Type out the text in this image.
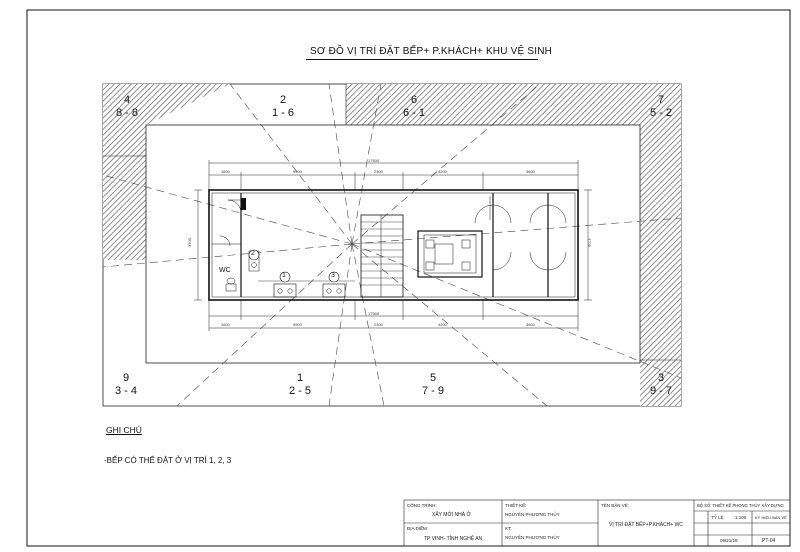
SƠ ĐỒ VỊ TRÍ ĐẶT BẾP+ P.KHÁCH+ KHU VỆ SINH
4
8 - 8
2
1 - 6
6
6 - 1
7
5 - 2
9
3 - 4
1
2 - 5
5
7 - 9
3
9 - 7
WC
1
2
3
17500
17500
1600	5900	2300	4200	3600
1600	5900	2300	4200	3600
3700	3700
GHI CHÚ
-BẾP CÓ THỂ ĐẶT Ở VỊ TRÍ 1, 2, 3
CÔNG TRÌNH:
XÂY MỚI NHÀ Ở
ĐỊA ĐIỂM:
TP VINH- TỈNH NGHỆ AN
THIẾT KẾ:
NGUYỄN PHƯƠNG THỦY
KT:
NGUYỄN PHƯƠNG THỦY
TÊN BẢN VẼ:
VỊ TRÍ ĐẶT BẾP+P.KHÁCH+ WC
BỘ SỐ: THIẾT KẾ PHONG THỦY XÂY DỰNG
TỶ LỆ	1:100 KÝ HIỆU BẢN VẼ
09/21/18	PT-04
